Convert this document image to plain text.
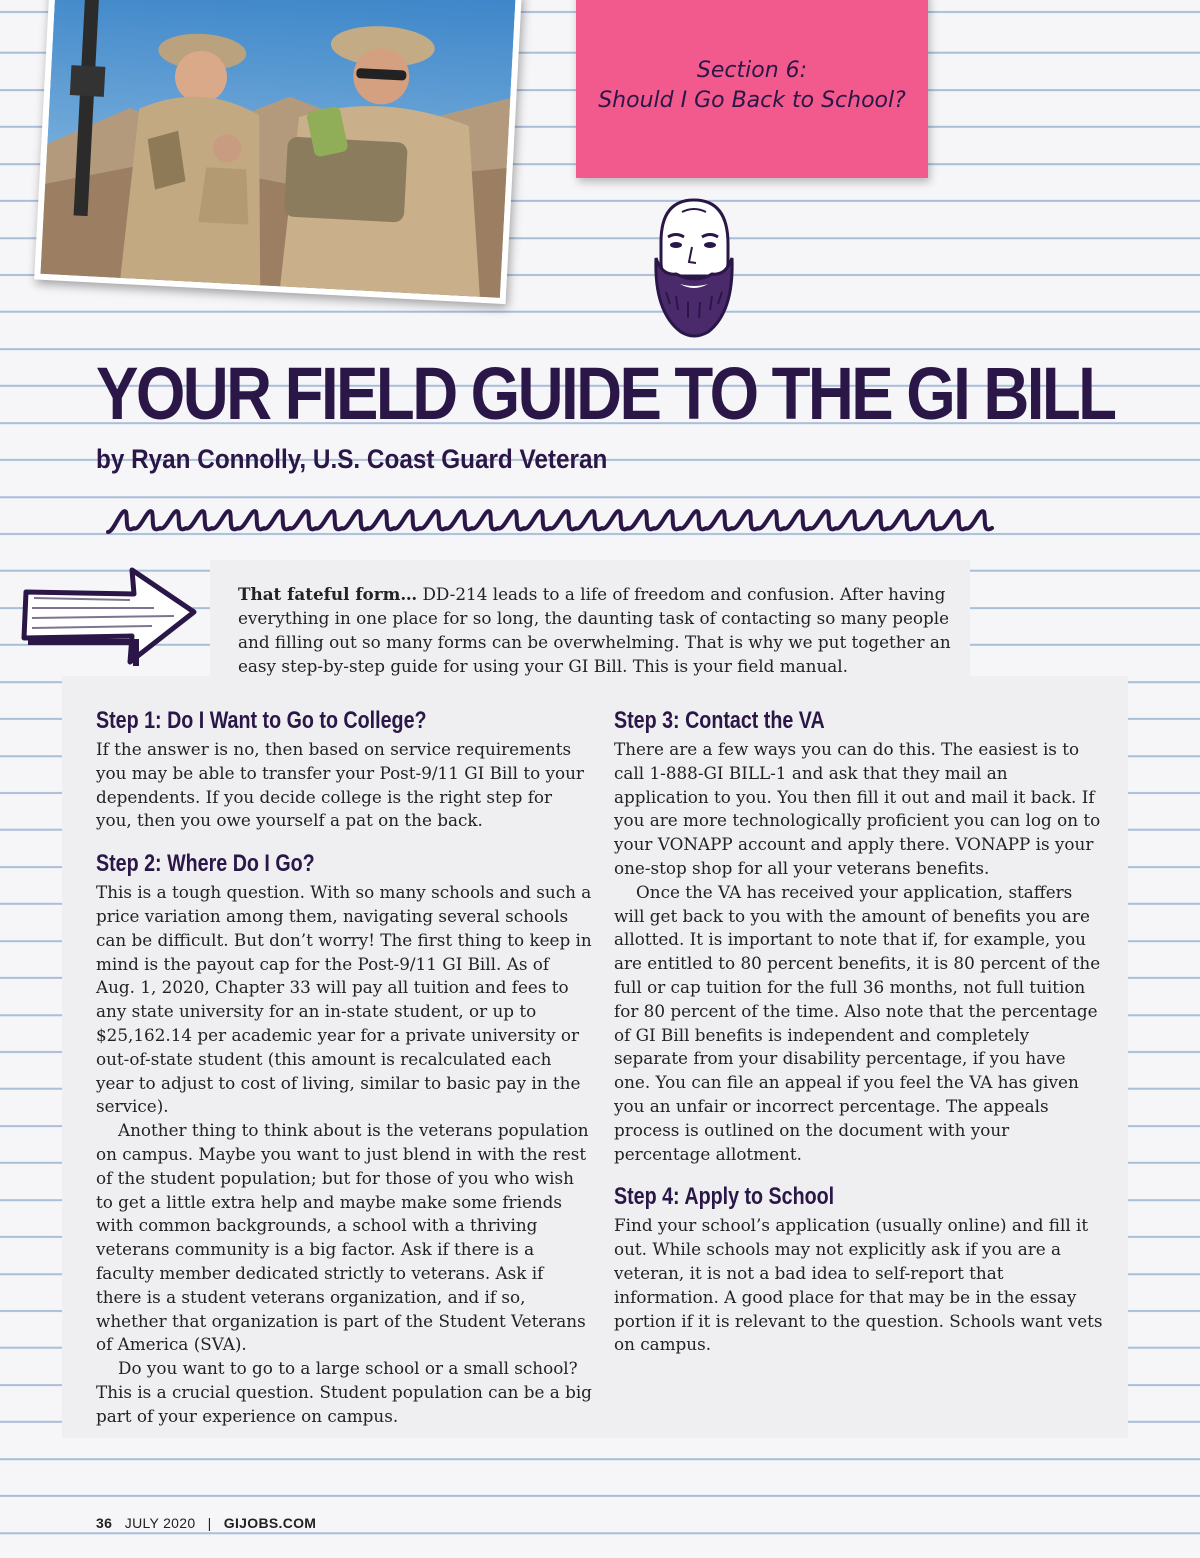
Section 6:
Should I Go Back to School?
YOUR FIELD GUIDE TO THE GI BILL
by Ryan Connolly, U.S. Coast Guard Veteran

That fateful form… DD-214 leads to a life of freedom and confusion. After having everything in one place for so long, the daunting task of contacting so many people and filling out so many forms can be overwhelming. That is why we put together an easy step-by-step guide for using your GI Bill. This is your field manual.

Step 1: Do I Want to Go to College?

If the answer is no, then based on service requirements you may be able to transfer your Post-9/11 GI Bill to your dependents. If you decide college is the right step for you, then you owe yourself a pat on the back.

Step 2: Where Do I Go?

This is a tough question. With so many schools and such a price variation among them, navigating several schools can be difficult. But don’t worry! The first thing to keep in mind is the payout cap for the Post-9/11 GI Bill. As of Aug. 1, 2020, Chapter 33 will pay all tuition and fees to any state university for an in-state student, or up to $25,162.14 per academic year for a private university or out-of-state student (this amount is recalculated each year to adjust to cost of living, similar to basic pay in the service).

Another thing to think about is the veterans population on campus. Maybe you want to just blend in with the rest of the student population; but for those of you who wish to get a little extra help and maybe make some friends with common backgrounds, a school with a thriving veterans community is a big factor. Ask if there is a faculty member dedicated strictly to veterans. Ask if there is a student veterans organization, and if so, whether that organization is part of the Student Veterans of America (SVA).

Do you want to go to a large school or a small school? This is a crucial question. Student population can be a big part of your experience on campus.

Step 3: Contact the VA

There are a few ways you can do this. The easiest is to call 1-888-GI BILL-1 and ask that they mail an application to you. You then fill it out and mail it back. If you are more technologically proficient you can log on to your VONAPP account and apply there. VONAPP is your one-stop shop for all your veterans benefits.

Once the VA has received your application, staffers will get back to you with the amount of benefits you are allotted. It is important to note that if, for example, you are entitled to 80 percent benefits, it is 80 percent of the full or cap tuition for the full 36 months, not full tuition for 80 percent of the time. Also note that the percentage of GI Bill benefits is independent and completely separate from your disability percentage, if you have one. You can file an appeal if you feel the VA has given you an unfair or incorrect percentage. The appeals process is outlined on the document with your percentage allotment.

Step 4: Apply to School

Find your school’s application (usually online) and fill it out. While schools may not explicitly ask if you are a veteran, it is not a bad idea to self-report that information. A good place for that may be in the essay portion if it is relevant to the question. Schools want vets on campus.

36 JULY 2020 | GIJOBS.COM
